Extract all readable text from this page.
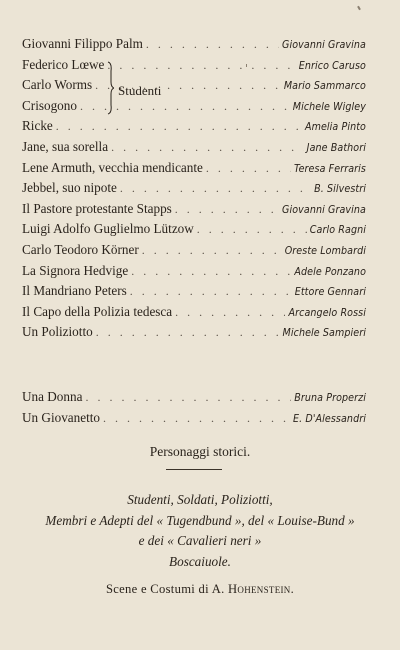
Giovanni Filippo Palm . . .	Giovanni Gravina
Federico Lœwe . . .	Enrico Caruso
Carlo Worms . . .	Mario Sammarco
Crisogono . . .	Michele Wigley
Ricke . . .	Amelia Pinto
Jane, sua sorella . . .	Jane Bathori
Lene Armuth, vecchia mendicante . . .	Teresa Ferraris
Jebbel, suo nipote . . .	B. Silvestri
Il Pastore protestante Stapps . . .	Giovanni Gravina
Luigi Adolfo Guglielmo Lützow . . .	Carlo Ragni
Carlo Teodoro Körner . . .	Oreste Lombardi
La Signora Hedvige . . .	Adele Ponzano
Il Mandriano Peters . . .	Ettore Gennari
Il Capo della Polizia tedesca . . .	Arcangelo Rossi
Un Poliziotto . . .	Michele Sampieri
Studenti
Una Donna . . .	Bruna Properzi
Un Giovanetto . . .	E. D'Alessandri
Personaggi storici.
Studenti, Soldati, Poliziotti,
Membri e Adepti del « Tugendbund », del « Louise-Bund »
e dei « Cavalieri neri »
Boscaiuole.
Scene e Costumi di A. Hohenstein.
